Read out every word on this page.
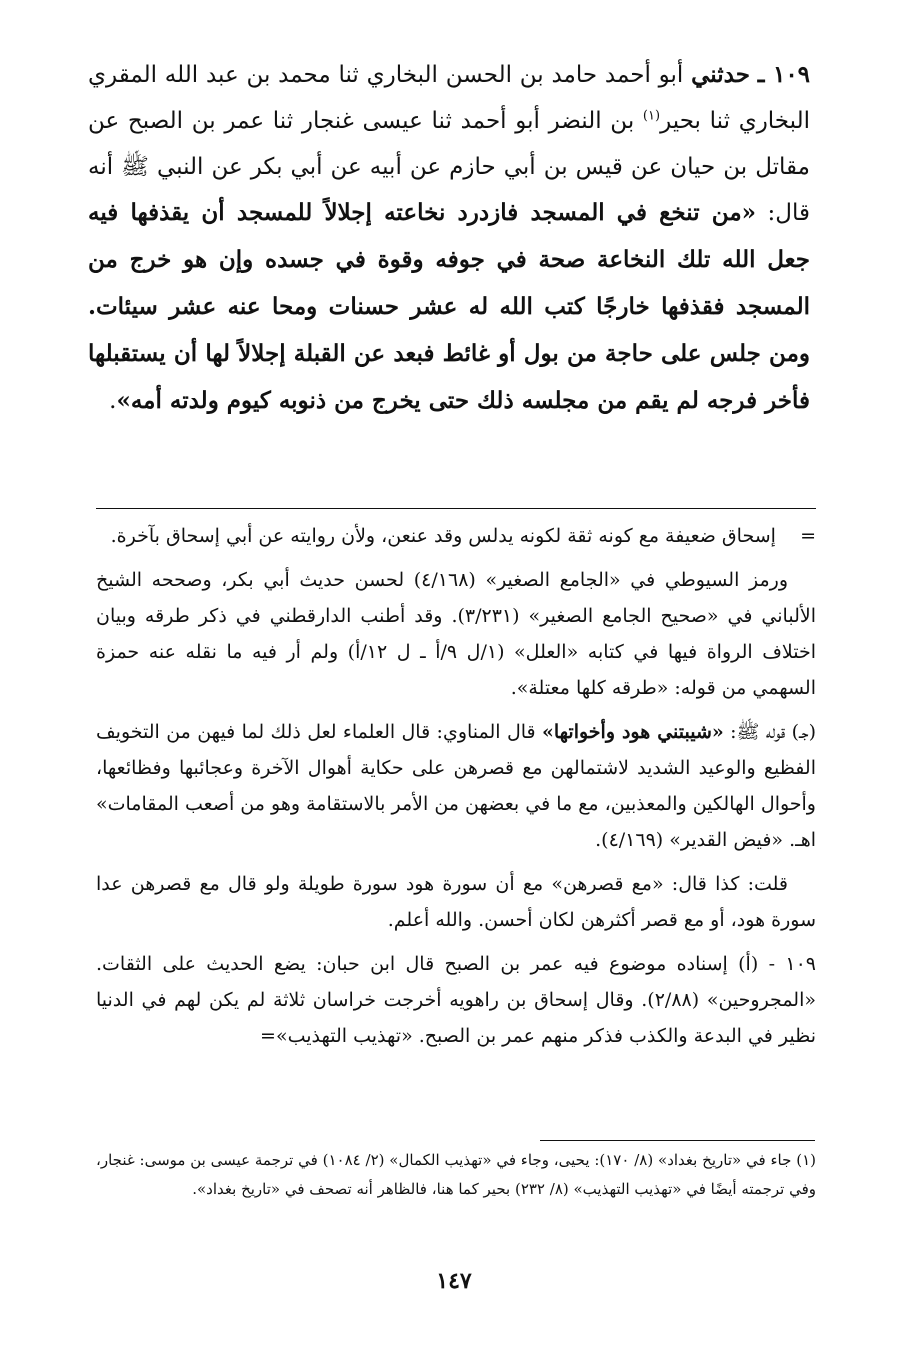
١٠٩ ـ حدثني أبو أحمد حامد بن الحسن البخاري ثنا محمد بن عبد الله المقري البخاري ثنا بحير$^{(١)}$ بن النضر أبو أحمد ثنا عيسى غنجار ثنا عمر بن الصبح عن مقاتل بن حيان عن قيس بن أبي حازم عن أبيه عن أبي بكر عن النبي ﷺ أنه قال: «من تنخع في المسجد فازدرد نخاعته إجلالاً للمسجد أن يقذفها فيه جعل الله تلك النخاعة صحة في جوفه وقوة في جسده وإن هو خرج من المسجد فقذفها خارجًا كتب الله له عشر حسنات ومحا عنه عشر سيئات. ومن جلس على حاجة من بول أو غائط فبعد عن القبلة إجلالاً لها أن يستقبلها فأخر فرجه لم يقم من مجلسه ذلك حتى يخرج من ذنوبه كيوم ولدته أمه».

=    إسحاق ضعيفة مع كونه ثقة لكونه يدلس وقد عنعن، ولأن روايته عن أبي إسحاق بآخرة.

ورمز السيوطي في «الجامع الصغير» (٤/١٦٨) لحسن حديث أبي بكر، وصححه الشيخ الألباني في «صحيح الجامع الصغير» (٣/٢٣١). وقد أطنب الدارقطني في ذكر طرقه وبيان اختلاف الرواة فيها في كتابه «العلل» (١/ل ٩/أ ـ ل ١٢/أ) ولم أر فيه ما نقله عنه حمزة السهمي من قوله: «طرقه كلها معتلة».

(جـ) قوله ﷺ: «شيبتني هود وأخواتها» قال المناوي: قال العلماء لعل ذلك لما فيهن من التخويف الفظيع والوعيد الشديد لاشتمالهن مع قصرهن على حكاية أهوال الآخرة وعجائبها وفظائعها، وأحوال الهالكين والمعذبين، مع ما في بعضهن من الأمر بالاستقامة وهو من أصعب المقامات» اهـ. «فيض القدير» (٤/١٦٩).

قلت: كذا قال: «مع قصرهن» مع أن سورة هود سورة طويلة ولو قال مع قصرهن عدا سورة هود، أو مع قصر أكثرهن لكان أحسن. والله أعلم.

١٠٩ - (أ) إسناده موضوع فيه عمر بن الصبح قال ابن حبان: يضع الحديث على الثقات. «المجروحين» (٢/٨٨). وقال إسحاق بن راهويه أخرجت خراسان ثلاثة لم يكن لهم في الدنيا نظير في البدعة والكذب فذكر منهم عمر بن الصبح. «تهذيب التهذيب»=

(١) جاء في «تاريخ بغداد» (٨/ ١٧٠): يحيى، وجاء في «تهذيب الكمال» (٢/ ١٠٨٤) في ترجمة عيسى بن موسى: غنجار، وفي ترجمته أيضًا في «تهذيب التهذيب» (٨/ ٢٣٢) بحير كما هنا، فالظاهر أنه تصحف في «تاريخ بغداد».

١٤٧
